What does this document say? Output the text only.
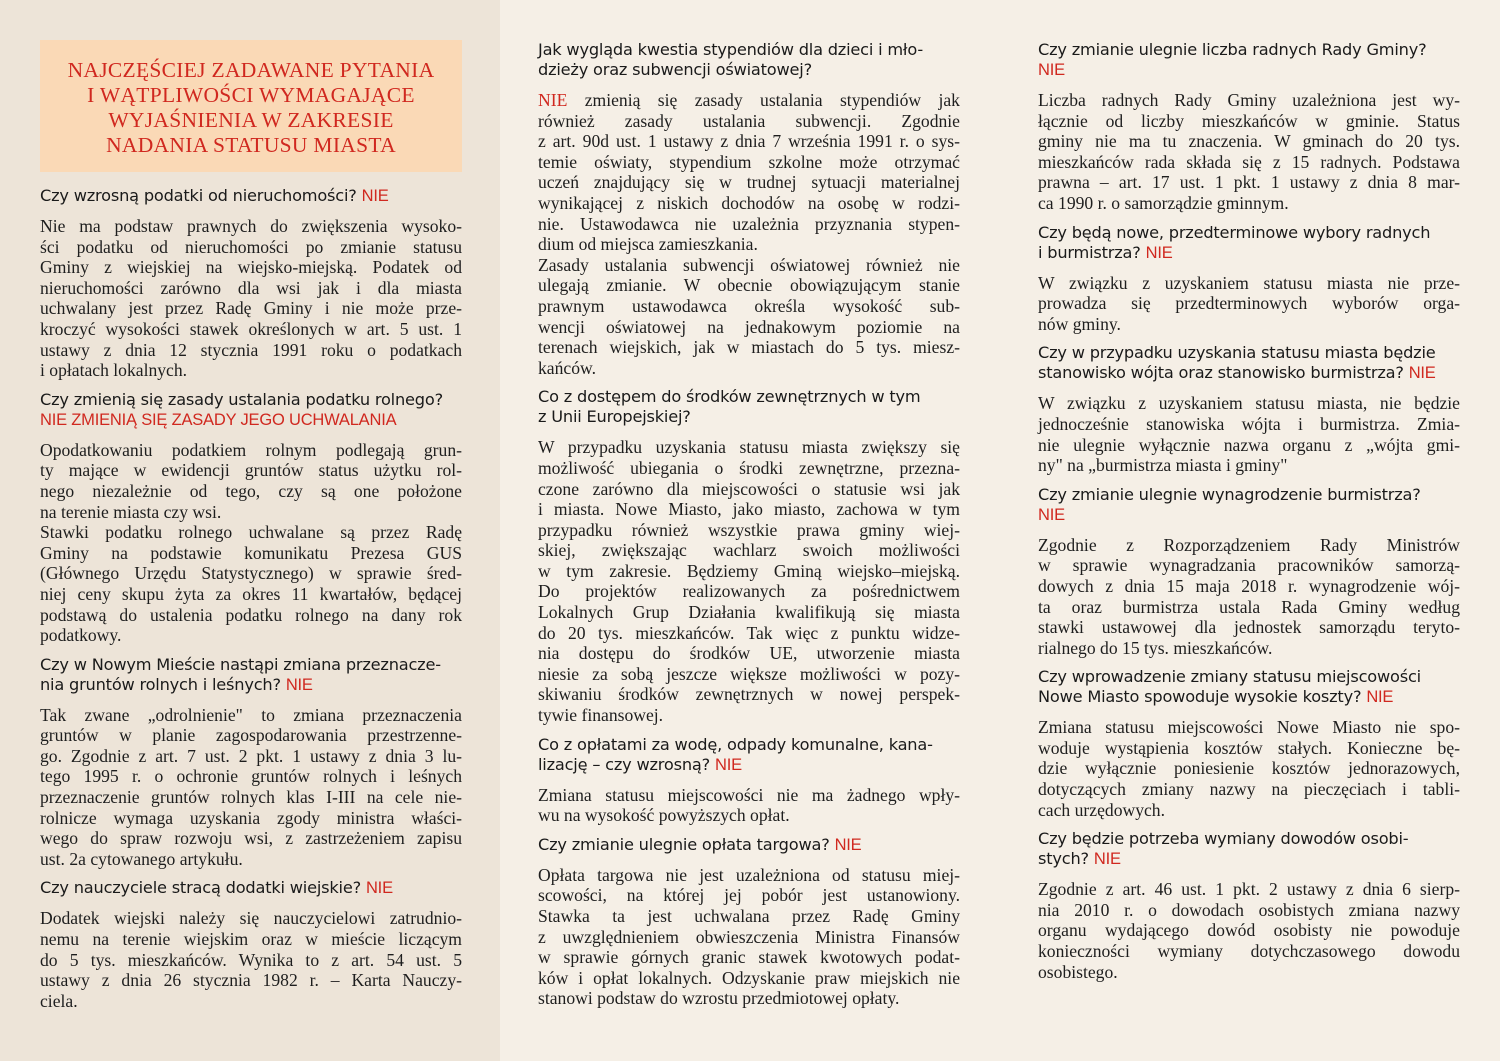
NAJCZĘŚCIEJ ZADAWANE PYTANIA
I WĄTPLIWOŚCI WYMAGAJĄCE
WYJAŚNIENIA W ZAKRESIE
NADANIA STATUSU MIASTA
Czy wzrosną podatki od nieruchomości? NIE
Nie ma podstaw prawnych do zwiększenia wysoko-
ści podatku od nieruchomości po zmianie statusu
Gminy z wiejskiej na wiejsko-miejską. Podatek od
nieruchomości zarówno dla wsi jak i dla miasta
uchwalany jest przez Radę Gminy i nie może prze-
kroczyć wysokości stawek określonych w art. 5 ust. 1
ustawy z dnia 12 stycznia 1991 roku o podatkach
i opłatach lokalnych.
Czy zmienią się zasady ustalania podatku rolnego?
NIE ZMIENIĄ SIĘ ZASADY JEGO UCHWALANIA
Opodatkowaniu podatkiem rolnym podlegają grun-
ty mające w ewidencji gruntów status użytku rol-
nego niezależnie od tego, czy są one położone
na terenie miasta czy wsi.
Stawki podatku rolnego uchwalane są przez Radę
Gminy na podstawie komunikatu Prezesa GUS
(Głównego Urzędu Statystycznego) w sprawie śred-
niej ceny skupu żyta za okres 11 kwartałów, będącej
podstawą do ustalenia podatku rolnego na dany rok
podatkowy.
Czy w Nowym Mieście nastąpi zmiana przeznacze-
nia gruntów rolnych i leśnych? NIE
Tak zwane „odrolnienie" to zmiana przeznaczenia
gruntów w planie zagospodarowania przestrzenne-
go. Zgodnie z art. 7 ust. 2 pkt. 1 ustawy z dnia 3 lu-
tego 1995 r. o ochronie gruntów rolnych i leśnych
przeznaczenie gruntów rolnych klas I-III na cele nie-
rolnicze wymaga uzyskania zgody ministra właści-
wego do spraw rozwoju wsi, z zastrzeżeniem zapisu
ust. 2a cytowanego artykułu.
Czy nauczyciele stracą dodatki wiejskie? NIE
Dodatek wiejski należy się nauczycielowi zatrudnio-
nemu na terenie wiejskim oraz w mieście liczącym
do 5 tys. mieszkańców. Wynika to z art. 54 ust. 5
ustawy z dnia 26 stycznia 1982 r. – Karta Nauczy-
ciela.
Jak wygląda kwestia stypendiów dla dzieci i mło-
dzieży oraz subwencji oświatowej?
NIE zmienią się zasady ustalania stypendiów jak
również zasady ustalania subwencji. Zgodnie
z art. 90d ust. 1 ustawy z dnia 7 września 1991 r. o sys-
temie oświaty, stypendium szkolne może otrzymać
uczeń znajdujący się w trudnej sytuacji materialnej
wynikającej z niskich dochodów na osobę w rodzi-
nie. Ustawodawca nie uzależnia przyznania stypen-
dium od miejsca zamieszkania.
Zasady ustalania subwencji oświatowej również nie
ulegają zmianie. W obecnie obowiązującym stanie
prawnym ustawodawca określa wysokość sub-
wencji oświatowej na jednakowym poziomie na
terenach wiejskich, jak w miastach do 5 tys. miesz-
kańców.
Co z dostępem do środków zewnętrznych w tym
z Unii Europejskiej?
W przypadku uzyskania statusu miasta zwiększy się
możliwość ubiegania o środki zewnętrzne, przezna-
czone zarówno dla miejscowości o statusie wsi jak
i miasta. Nowe Miasto, jako miasto, zachowa w tym
przypadku również wszystkie prawa gminy wiej-
skiej, zwiększając wachlarz swoich możliwości
w tym zakresie. Będziemy Gminą wiejsko–miejską.
Do projektów realizowanych za pośrednictwem
Lokalnych Grup Działania kwalifikują się miasta
do 20 tys. mieszkańców. Tak więc z punktu widze-
nia dostępu do środków UE, utworzenie miasta
niesie za sobą jeszcze większe możliwości w pozy-
skiwaniu środków zewnętrznych w nowej perspek-
tywie finansowej.
Co z opłatami za wodę, odpady komunalne, kana-
lizację – czy wzrosną? NIE
Zmiana statusu miejscowości nie ma żadnego wpły-
wu na wysokość powyższych opłat.
Czy zmianie ulegnie opłata targowa? NIE
Opłata targowa nie jest uzależniona od statusu miej-
scowości, na której jej pobór jest ustanowiony.
Stawka ta jest uchwalana przez Radę Gminy
z uwzględnieniem obwieszczenia Ministra Finansów
w sprawie górnych granic stawek kwotowych podat-
ków i opłat lokalnych. Odzyskanie praw miejskich nie
stanowi podstaw do wzrostu przedmiotowej opłaty.
Czy zmianie ulegnie liczba radnych Rady Gminy?
NIE
Liczba radnych Rady Gminy uzależniona jest wy-
łącznie od liczby mieszkańców w gminie. Status
gminy nie ma tu znaczenia. W gminach do 20 tys.
mieszkańców rada składa się z 15 radnych. Podstawa
prawna – art. 17 ust. 1 pkt. 1 ustawy z dnia 8 mar-
ca 1990 r. o samorządzie gminnym.
Czy będą nowe, przedterminowe wybory radnych
i burmistrza? NIE
W związku z uzyskaniem statusu miasta nie prze-
prowadza się przedterminowych wyborów orga-
nów gminy.
Czy w przypadku uzyskania statusu miasta będzie
stanowisko wójta oraz stanowisko burmistrza? NIE
W związku z uzyskaniem statusu miasta, nie będzie
jednocześnie stanowiska wójta i burmistrza. Zmia-
nie ulegnie wyłącznie nazwa organu z „wójta gmi-
ny" na „burmistrza miasta i gminy"
Czy zmianie ulegnie wynagrodzenie burmistrza?
NIE
Zgodnie z Rozporządzeniem Rady Ministrów
w sprawie wynagradzania pracowników samorzą-
dowych z dnia 15 maja 2018 r. wynagrodzenie wój-
ta oraz burmistrza ustala Rada Gminy według
stawki ustawowej dla jednostek samorządu teryto-
rialnego do 15 tys. mieszkańców.
Czy wprowadzenie zmiany statusu miejscowości
Nowe Miasto spowoduje wysokie koszty? NIE
Zmiana statusu miejscowości Nowe Miasto nie spo-
woduje wystąpienia kosztów stałych. Konieczne bę-
dzie wyłącznie poniesienie kosztów jednorazowych,
dotyczących zmiany nazwy na pieczęciach i tabli-
cach urzędowych.
Czy będzie potrzeba wymiany dowodów osobi-
stych? NIE
Zgodnie z art. 46 ust. 1 pkt. 2 ustawy z dnia 6 sierp-
nia 2010 r. o dowodach osobistych zmiana nazwy
organu wydającego dowód osobisty nie powoduje
konieczności wymiany dotychczasowego dowodu
osobistego.
